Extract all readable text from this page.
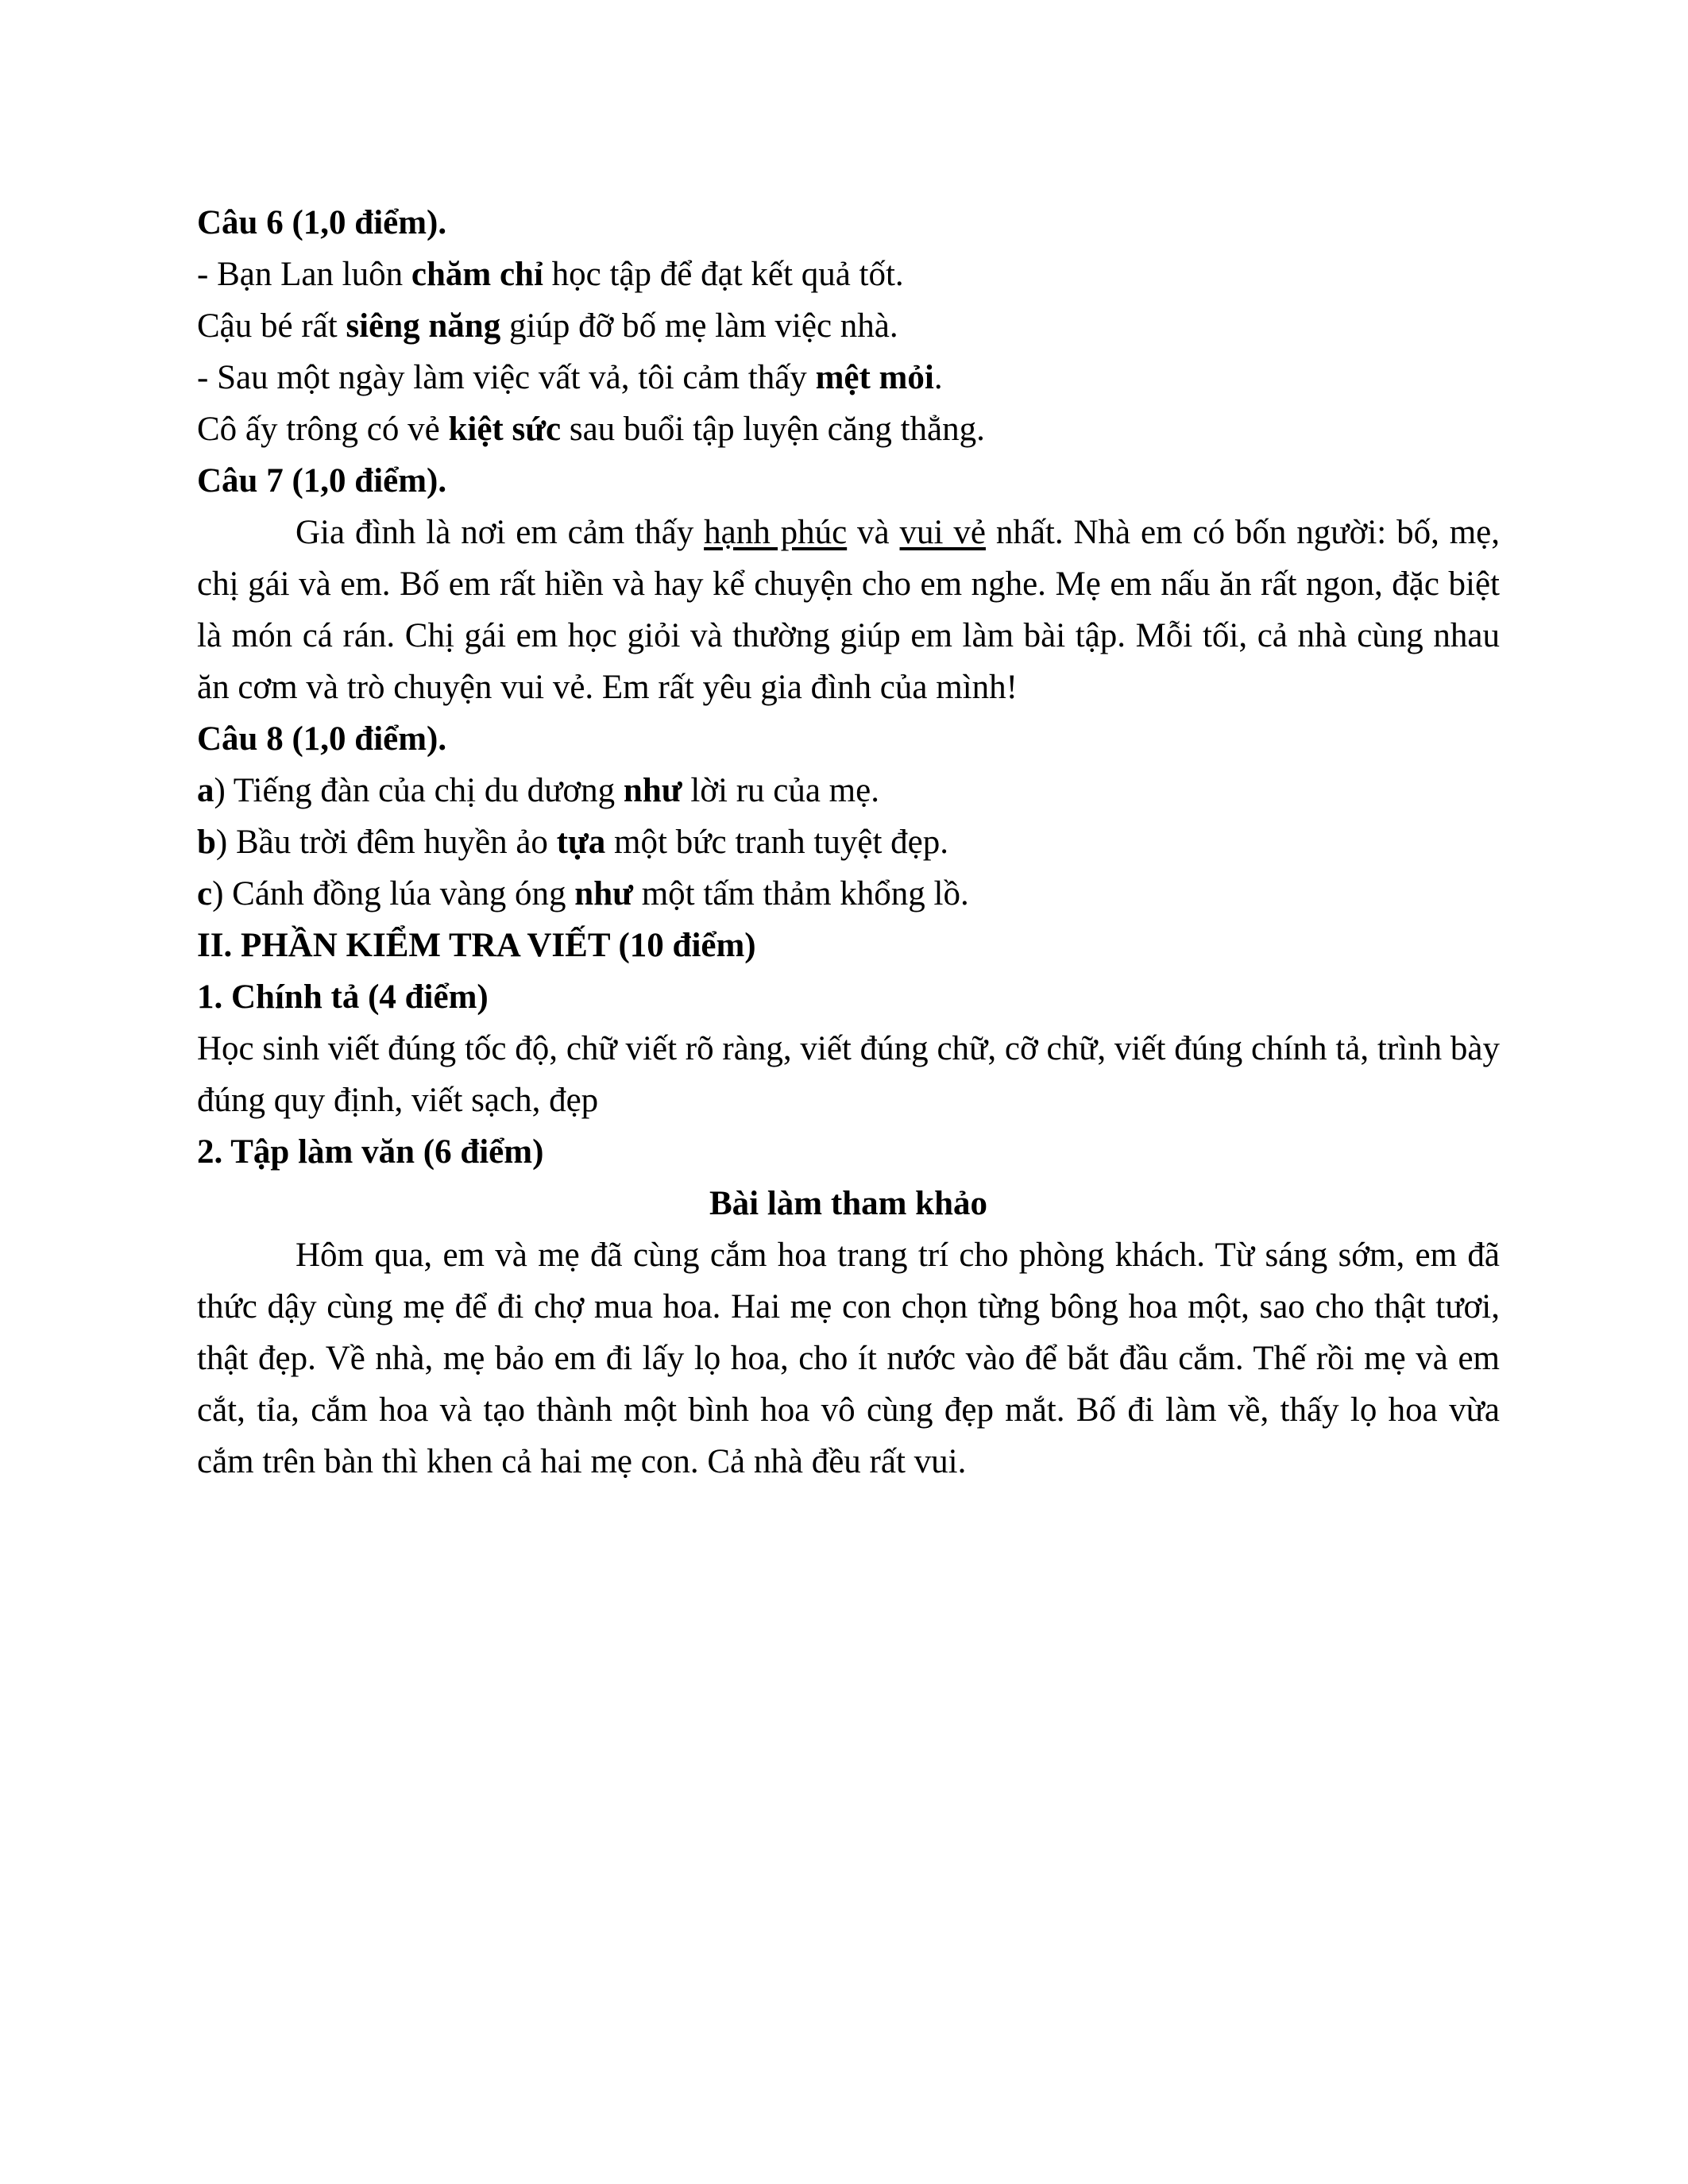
Câu 6 (1,0 điểm).
- Bạn Lan luôn chăm chỉ học tập để đạt kết quả tốt.
Cậu bé rất siêng năng giúp đỡ bố mẹ làm việc nhà.
- Sau một ngày làm việc vất vả, tôi cảm thấy mệt mỏi.
Cô ấy trông có vẻ kiệt sức sau buổi tập luyện căng thẳng.
Câu 7 (1,0 điểm).
Gia đình là nơi em cảm thấy hạnh phúc và vui vẻ nhất. Nhà em có bốn người: bố, mẹ, chị gái và em. Bố em rất hiền và hay kể chuyện cho em nghe. Mẹ em nấu ăn rất ngon, đặc biệt là món cá rán. Chị gái em học giỏi và thường giúp em làm bài tập. Mỗi tối, cả nhà cùng nhau ăn cơm và trò chuyện vui vẻ. Em rất yêu gia đình của mình!
Câu 8 (1,0 điểm).
a) Tiếng đàn của chị du dương như lời ru của mẹ.
b) Bầu trời đêm huyền ảo tựa một bức tranh tuyệt đẹp.
c) Cánh đồng lúa vàng óng như một tấm thảm khổng lồ.
II. PHẦN KIỂM TRA VIẾT (10 điểm)
1. Chính tả (4 điểm)
Học sinh viết đúng tốc độ, chữ viết rõ ràng, viết đúng chữ, cỡ chữ, viết đúng chính tả, trình bày đúng quy định, viết sạch, đẹp
2. Tập làm văn (6 điểm)
Bài làm tham khảo
Hôm qua, em và mẹ đã cùng cắm hoa trang trí cho phòng khách. Từ sáng sớm, em đã thức dậy cùng mẹ để đi chợ mua hoa. Hai mẹ con chọn từng bông hoa một, sao cho thật tươi, thật đẹp. Về nhà, mẹ bảo em đi lấy lọ hoa, cho ít nước vào để bắt đầu cắm. Thế rồi mẹ và em cắt, tỉa, cắm hoa và tạo thành một bình hoa vô cùng đẹp mắt. Bố đi làm về, thấy lọ hoa vừa cắm trên bàn thì khen cả hai mẹ con. Cả nhà đều rất vui.
